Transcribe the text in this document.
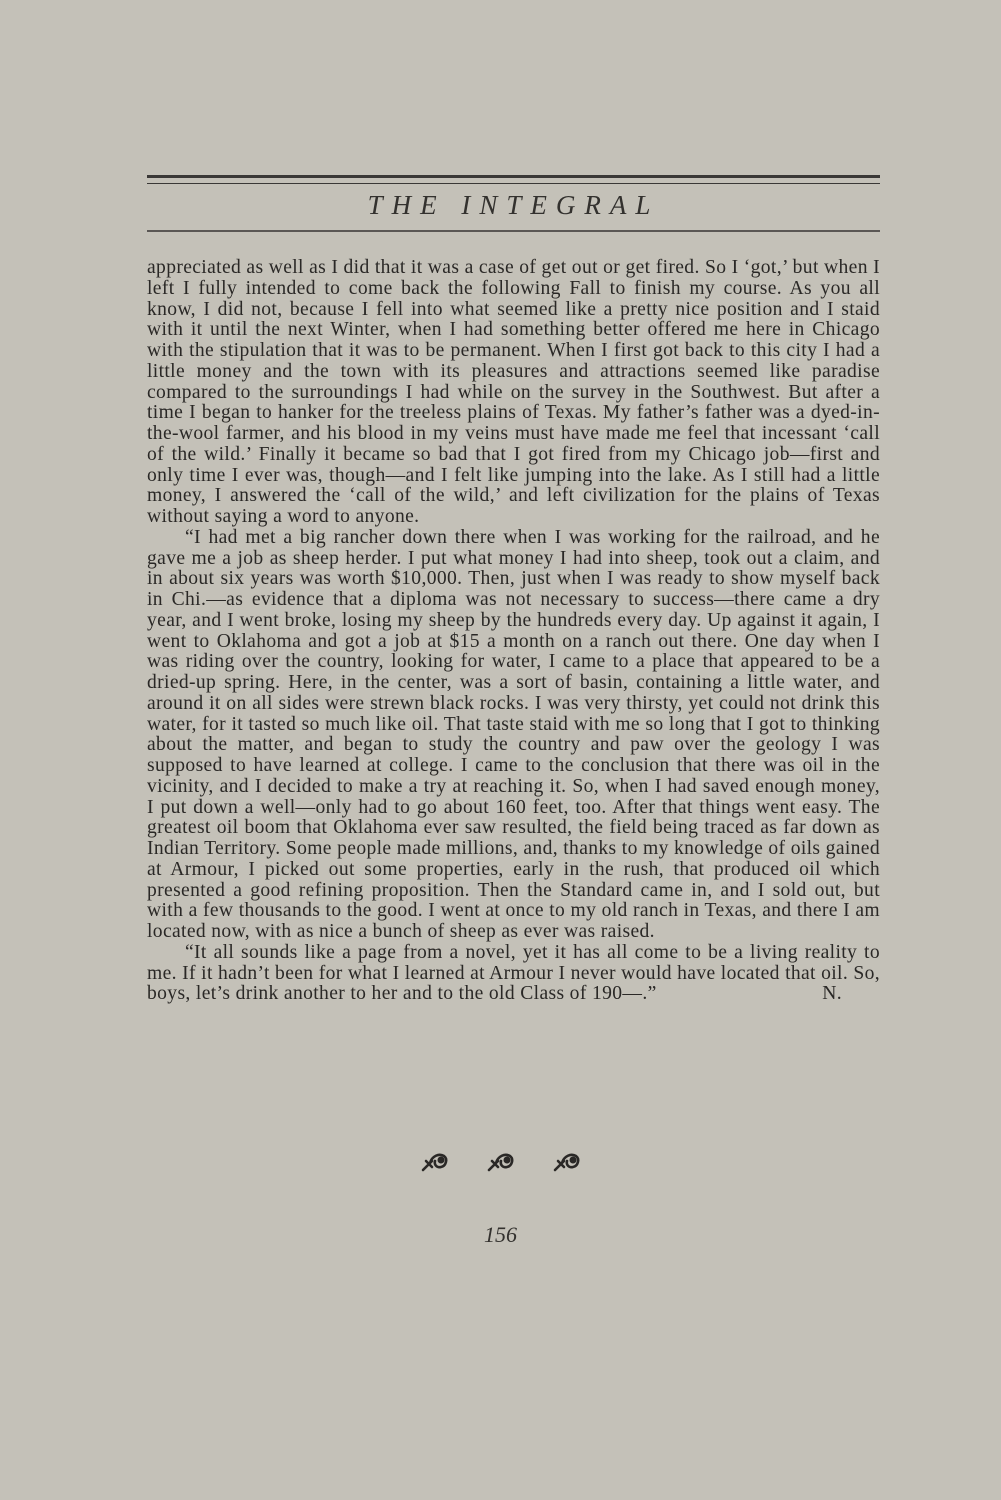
THE INTEGRAL

appreciated as well as I did that it was a case of get out or get fired. So I ‘got,’ but when I left I fully intended to come back the following Fall to finish my course. As you all know, I did not, because I fell into what seemed like a pretty nice position and I staid with it until the next Winter, when I had something better offered me here in Chicago with the stipulation that it was to be permanent. When I first got back to this city I had a little money and the town with its pleasures and attractions seemed like paradise compared to the surroundings I had while on the survey in the Southwest. But after a time I began to hanker for the treeless plains of Texas. My father’s father was a dyed-in-the-wool farmer, and his blood in my veins must have made me feel that incessant ‘call of the wild.’ Finally it became so bad that I got fired from my Chicago job—first and only time I ever was, though—and I felt like jumping into the lake. As I still had a little money, I answered the ‘call of the wild,’ and left civilization for the plains of Texas without saying a word to anyone.

“I had met a big rancher down there when I was working for the railroad, and he gave me a job as sheep herder. I put what money I had into sheep, took out a claim, and in about six years was worth $10,000. Then, just when I was ready to show myself back in Chi.—as evidence that a diploma was not necessary to success—there came a dry year, and I went broke, losing my sheep by the hundreds every day. Up against it again, I went to Oklahoma and got a job at $15 a month on a ranch out there. One day when I was riding over the country, looking for water, I came to a place that appeared to be a dried-up spring. Here, in the center, was a sort of basin, containing a little water, and around it on all sides were strewn black rocks. I was very thirsty, yet could not drink this water, for it tasted so much like oil. That taste staid with me so long that I got to thinking about the matter, and began to study the country and paw over the geology I was supposed to have learned at college. I came to the conclusion that there was oil in the vicinity, and I decided to make a try at reaching it. So, when I had saved enough money, I put down a well—only had to go about 160 feet, too. After that things went easy. The greatest oil boom that Oklahoma ever saw resulted, the field being traced as far down as Indian Territory. Some people made millions, and, thanks to my knowledge of oils gained at Armour, I picked out some properties, early in the rush, that produced oil which presented a good refining proposition. Then the Standard came in, and I sold out, but with a few thousands to the good. I went at once to my old ranch in Texas, and there I am located now, with as nice a bunch of sheep as ever was raised.

“It all sounds like a page from a novel, yet it has all come to be a living reality to me. If it hadn’t been for what I learned at Armour I never would have located that oil. So, boys, let’s drink another to her and to the old Class of 190—.”	N.

156
